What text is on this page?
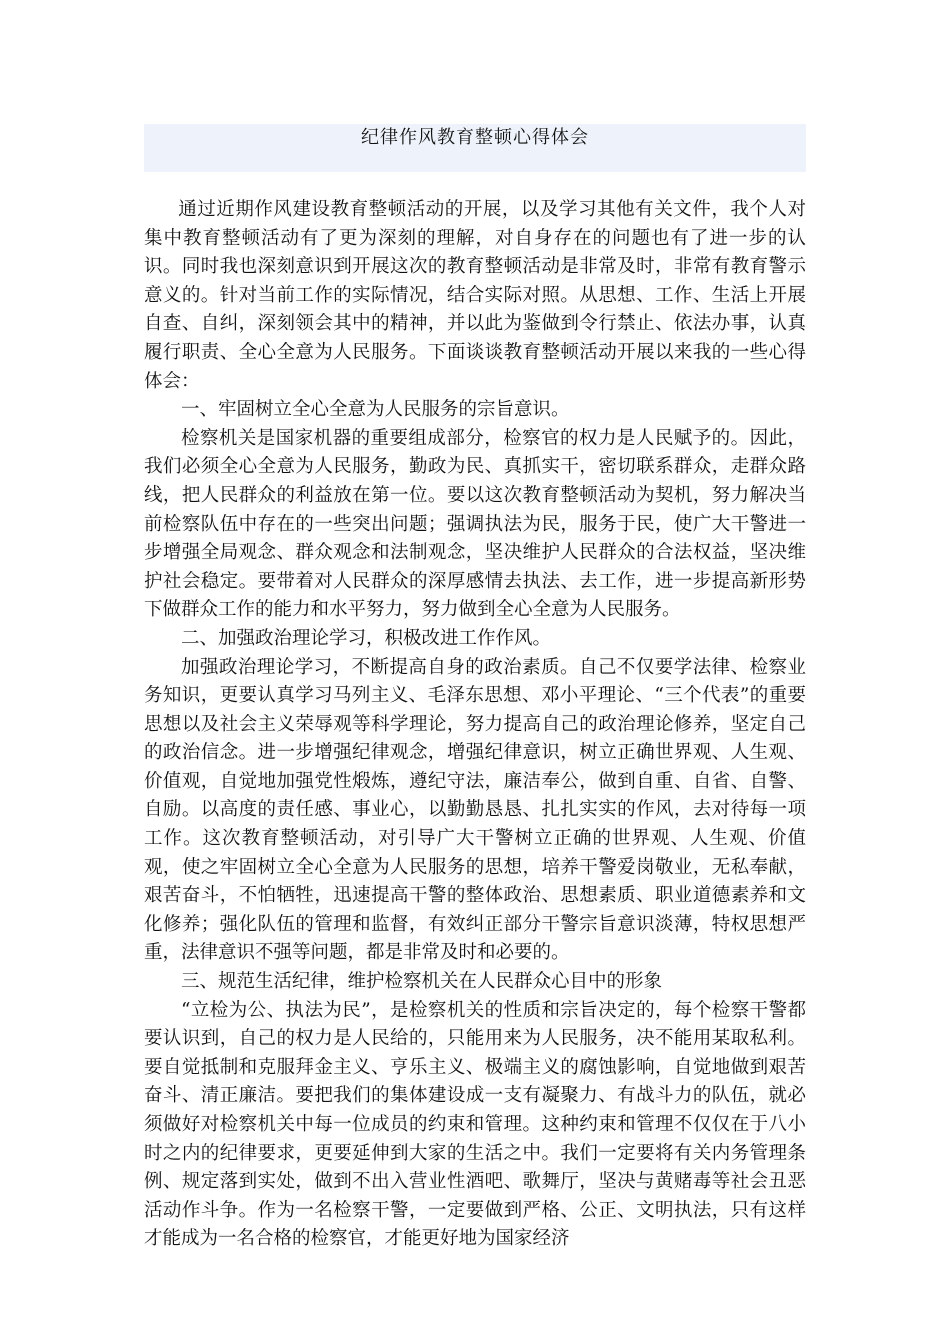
纪律作风教育整顿心得体会

通过近期作风建设教育整顿活动的开展，以及学习其他有关文件，我个人对集中教育整顿活动有了更为深刻的理解，对自身存在的问题也有了进一步的认识。同时我也深刻意识到开展这次的教育整顿活动是非常及时，非常有教育警示意义的。针对当前工作的实际情况，结合实际对照。从思想、工作、生活上开展自查、自纠，深刻领会其中的精神，并以此为鉴做到令行禁止、依法办事，认真履行职责、全心全意为人民服务。下面谈谈教育整顿活动开展以来我的一些心得体会：

一、牢固树立全心全意为人民服务的宗旨意识。

检察机关是国家机器的重要组成部分，检察官的权力是人民赋予的。因此，我们必须全心全意为人民服务，勤政为民、真抓实干，密切联系群众，走群众路线，把人民群众的利益放在第一位。要以这次教育整顿活动为契机，努力解决当前检察队伍中存在的一些突出问题；强调执法为民，服务于民，使广大干警进一步增强全局观念、群众观念和法制观念，坚决维护人民群众的合法权益，坚决维护社会稳定。要带着对人民群众的深厚感情去执法、去工作，进一步提高新形势下做群众工作的能力和水平努力，努力做到全心全意为人民服务。

二、加强政治理论学习，积极改进工作作风。

加强政治理论学习，不断提高自身的政治素质。自己不仅要学法律、检察业务知识，更要认真学习马列主义、毛泽东思想、邓小平理论、“三个代表”的重要思想以及社会主义荣辱观等科学理论，努力提高自己的政治理论修养，坚定自己的政治信念。进一步增强纪律观念，增强纪律意识，树立正确世界观、人生观、价值观，自觉地加强党性煅炼，遵纪守法，廉洁奉公，做到自重、自省、自警、自励。以高度的责任感、事业心，以勤勤恳恳、扎扎实实的作风，去对待每一项工作。这次教育整顿活动，对引导广大干警树立正确的世界观、人生观、价值观，使之牢固树立全心全意为人民服务的思想，培养干警爱岗敬业，无私奉献，艰苦奋斗，不怕牺牲，迅速提高干警的整体政治、思想素质、职业道德素养和文化修养；强化队伍的管理和监督，有效纠正部分干警宗旨意识淡薄，特权思想严重，法律意识不强等问题，都是非常及时和必要的。

三、规范生活纪律，维护检察机关在人民群众心目中的形象

“立检为公、执法为民”，是检察机关的性质和宗旨决定的，每个检察干警都要认识到，自己的权力是人民给的，只能用来为人民服务，决不能用某取私利。要自觉抵制和克服拜金主义、亨乐主义、极端主义的腐蚀影响，自觉地做到艰苦奋斗、清正廉洁。要把我们的集体建设成一支有凝聚力、有战斗力的队伍，就必须做好对检察机关中每一位成员的约束和管理。这种约束和管理不仅仅在于八小时之内的纪律要求，更要延伸到大家的生活之中。我们一定要将有关内务管理条例、规定落到实处，做到不出入营业性酒吧、歌舞厅，坚决与黄赌毒等社会丑恶活动作斗争。作为一名检察干警，一定要做到严格、公正、文明执法，只有这样才能成为一名合格的检察官，才能更好地为国家经济
